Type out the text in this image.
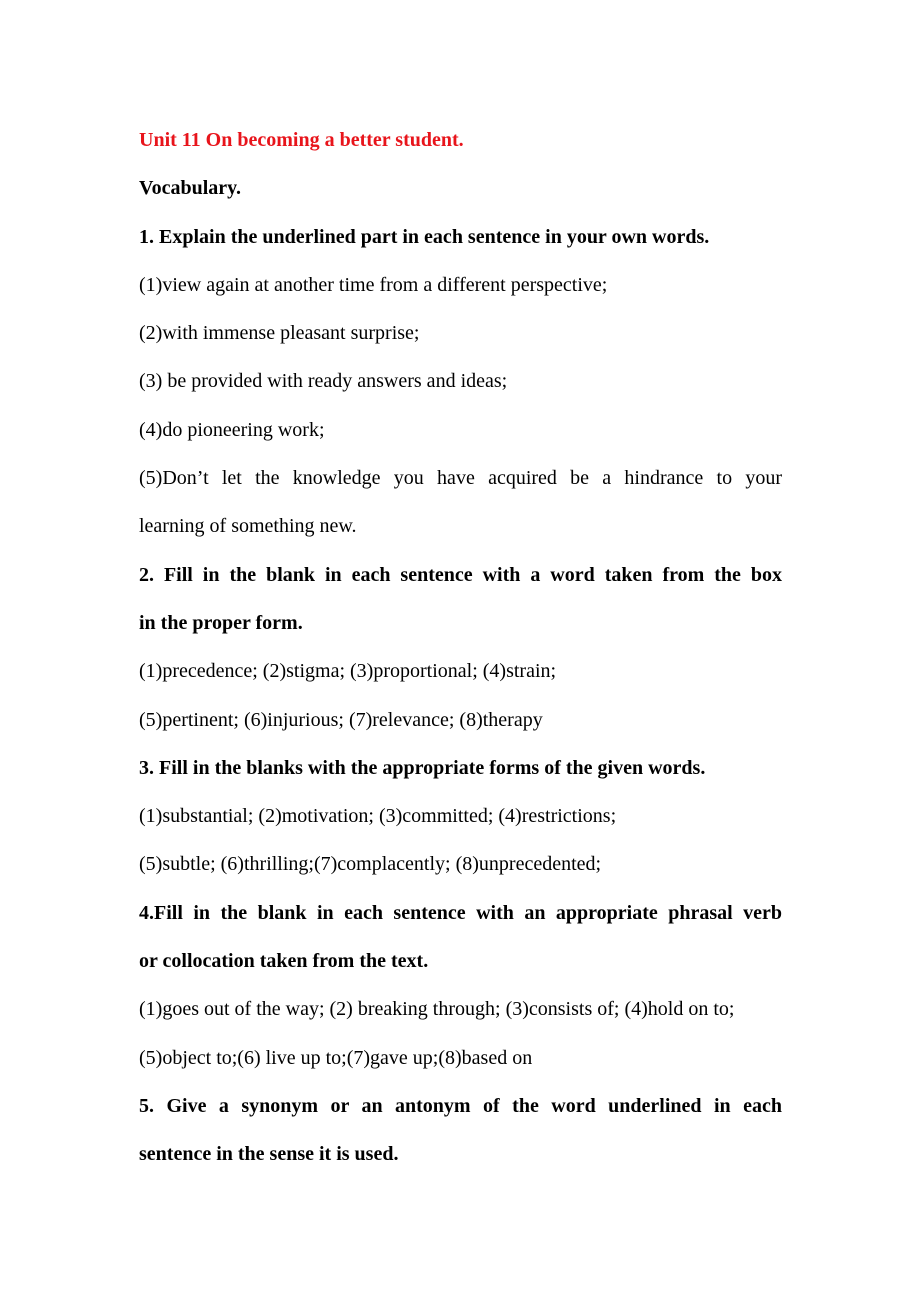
Unit 11 On becoming a better student.

Vocabulary.

1. Explain the underlined part in each sentence in your own words.

(1)view again at another time from a different perspective;

(2)with immense pleasant surprise;

(3) be provided with ready answers and ideas;

(4)do pioneering work;

(5)Don’t let the knowledge you have acquired be a hindrance to your

learning of something new.

2. Fill in the blank in each sentence with a word taken from the box

in the proper form.

(1)precedence; (2)stigma; (3)proportional; (4)strain;

(5)pertinent; (6)injurious; (7)relevance; (8)therapy

3. Fill in the blanks with the appropriate forms of the given words.

(1)substantial; (2)motivation; (3)committed; (4)restrictions;

(5)subtle; (6)thrilling;(7)complacently; (8)unprecedented;

4.Fill in the blank in each sentence with an appropriate phrasal verb

or collocation taken from the text.

(1)goes out of the way; (2) breaking through; (3)consists of; (4)hold on to;

(5)object to;(6) live up to;(7)gave up;(8)based on

5. Give a synonym or an antonym of the word underlined in each

sentence in the sense it is used.
